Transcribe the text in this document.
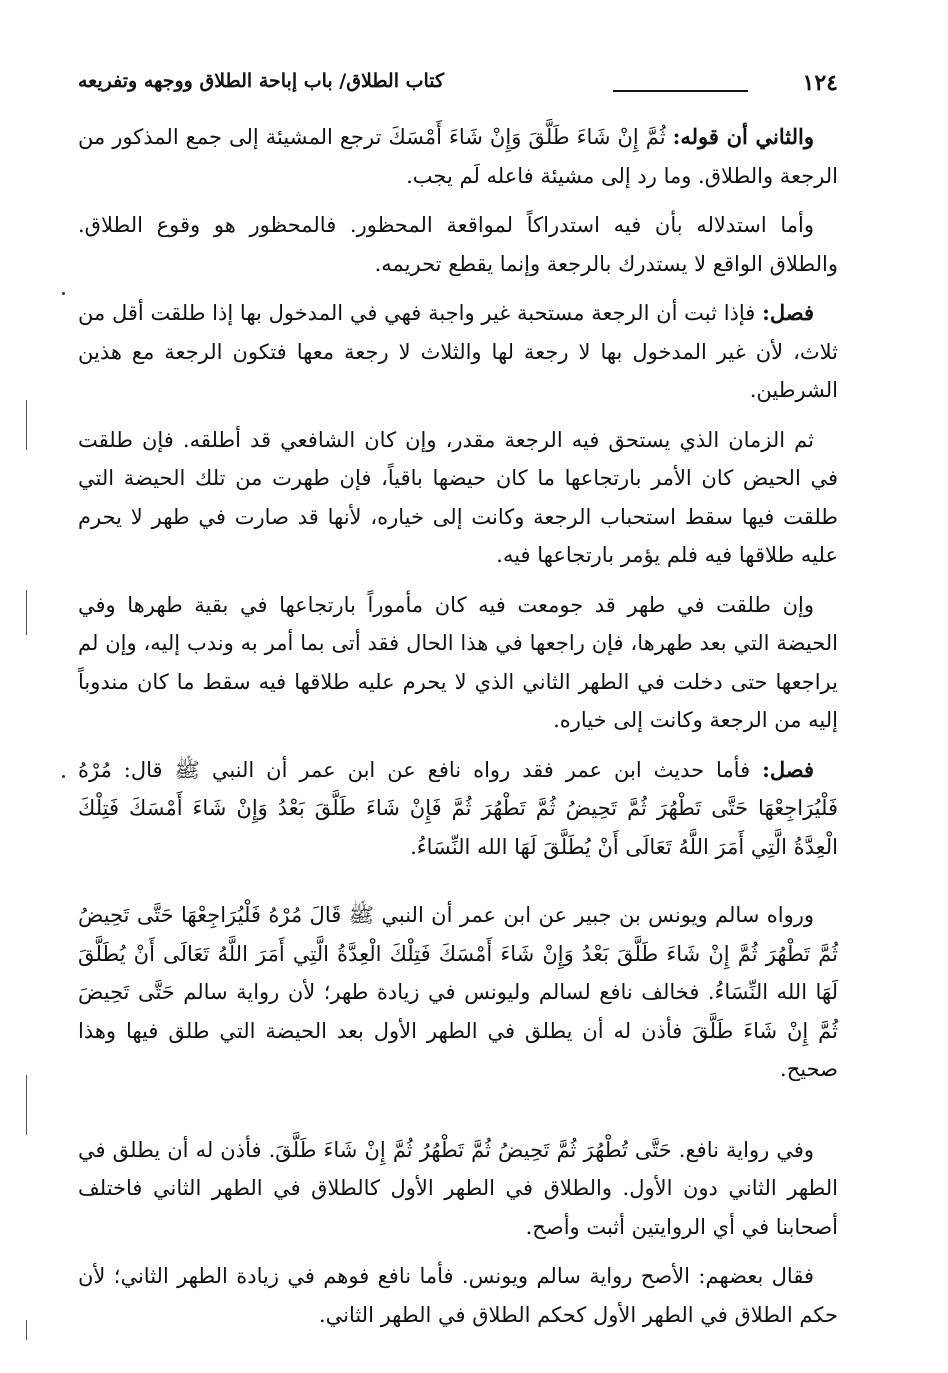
١٢٤
كتاب الطلاق/ باب إباحة الطلاق ووجهه وتفريعه

والثاني أن قوله: ثُمَّ إِنْ شَاءَ طَلَّقَ وَإِنْ شَاءَ أَمْسَكَ ترجع المشيئة إلى جمع المذكور من الرجعة والطلاق. وما رد إلى مشيئة فاعله لَم يجب.

وأما استدلاله بأن فيه استدراكاً لمواقعة المحظور. فالمحظور هو وقوع الطلاق. والطلاق الواقع لا يستدرك بالرجعة وإنما يقطع تحريمه.

فصل: فإذا ثبت أن الرجعة مستحبة غير واجبة فهي في المدخول بها إذا طلقت أقل من ثلاث، لأن غير المدخول بها لا رجعة لها والثلاث لا رجعة معها فتكون الرجعة مع هذين الشرطين.

ثم الزمان الذي يستحق فيه الرجعة مقدر، وإن كان الشافعي قد أطلقه. فإن طلقت في الحيض كان الأمر بارتجاعها ما كان حيضها باقياً، فإن طهرت من تلك الحيضة التي طلقت فيها سقط استحباب الرجعة وكانت إلى خياره، لأنها قد صارت في طهر لا يحرم عليه طلاقها فيه فلم يؤمر بارتجاعها فيه.

وإن طلقت في طهر قد جومعت فيه كان مأموراً بارتجاعها في بقية طهرها وفي الحيضة التي بعد طهرها، فإن راجعها في هذا الحال فقد أتى بما أمر به وندب إليه، وإن لم يراجعها حتى دخلت في الطهر الثاني الذي لا يحرم عليه طلاقها فيه سقط ما كان مندوباً إليه من الرجعة وكانت إلى خياره.

فصل: فأما حديث ابن عمر فقد رواه نافع عن ابن عمر أن النبي ﷺ قال: مُرْهُ فَلْيُرَاجِعْهَا حَتَّى تَطْهُرَ ثُمَّ تَحِيضُ ثُمَّ تَطْهُرَ ثُمَّ فَإِنْ شَاءَ طَلَّقَ بَعْدُ وَإِنْ شَاءَ أَمْسَكَ فَتِلْكَ الْعِدَّةُ الَّتِي أَمَرَ اللَّهُ تَعَالَى أَنْ يُطَلَّقَ لَهَا الله النِّسَاءُ.

ورواه سالم ويونس بن جبير عن ابن عمر أن النبي ﷺ قَالَ مُرْهُ فَلْيُرَاجِعْهَا حَتَّى تَحِيضُ ثُمَّ تَطْهُرَ ثُمَّ إِنْ شَاءَ طَلَّقَ بَعْدُ وَإِنْ شَاءَ أَمْسَكَ فَتِلْكَ الْعِدَّةُ الَّتِي أَمَرَ اللَّهُ تَعَالَى أَنْ يُطَلَّقَ لَهَا الله النِّسَاءُ. فخالف نافع لسالم وليونس في زيادة طهر؛ لأن رواية سالم حَتَّى تَحِيضَ ثُمَّ إِنْ شَاءَ طَلَّقَ فأذن له أن يطلق في الطهر الأول بعد الحيضة التي طلق فيها وهذا صحيح.

وفي رواية نافع. حَتَّى تُطْهُرَ ثُمَّ تَحِيضُ ثُمَّ تَطْهُرُ ثُمَّ إِنْ شَاءَ طَلَّقَ. فأذن له أن يطلق في الطهر الثاني دون الأول. والطلاق في الطهر الأول كالطلاق في الطهر الثاني فاختلف أصحابنا في أي الروايتين أثبت وأصح.

فقال بعضهم: الأصح رواية سالم ويونس. فأما نافع فوهم في زيادة الطهر الثاني؛ لأن حكم الطلاق في الطهر الأول كحكم الطلاق في الطهر الثاني.
